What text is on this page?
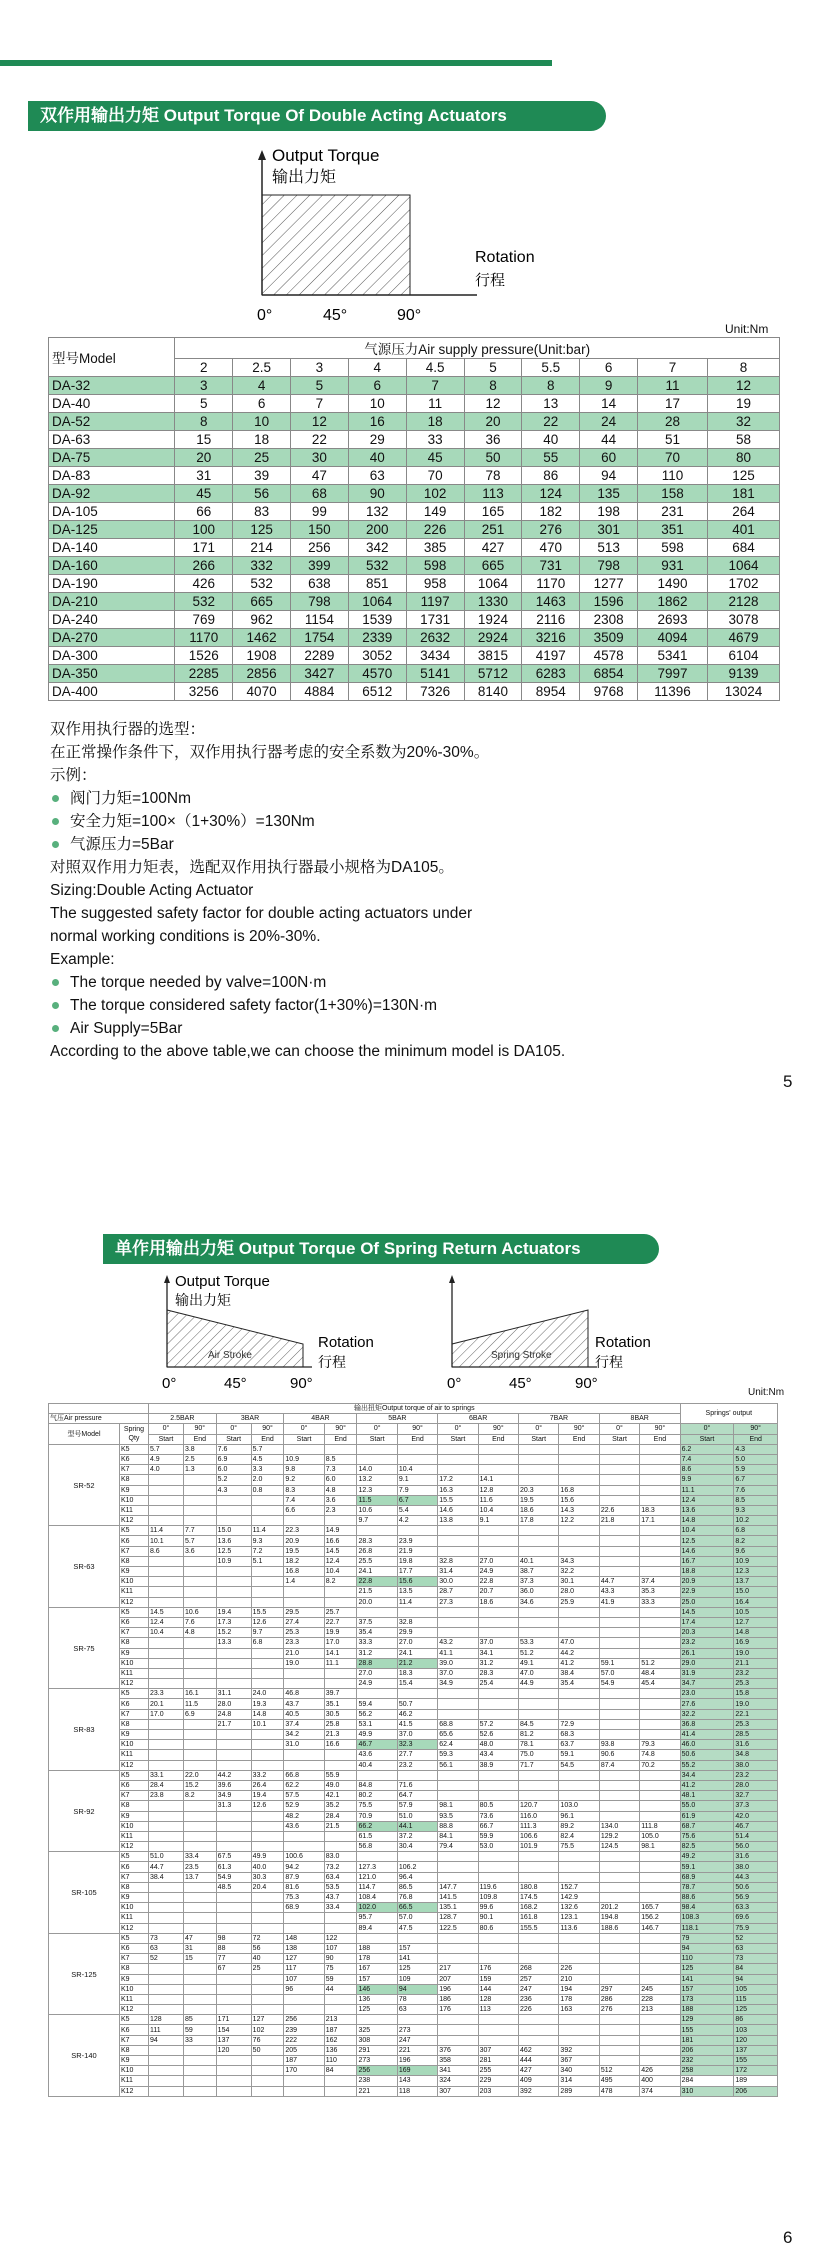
双作用输出力矩 Output Torque Of Double Acting Actuators
Output Torque
输出力矩
Rotation
行程
0°	45°	90°
Unit:Nm
型号Model	气源压力Air supply pressure(Unit:bar)									
	2	2.5	3	4	4.5	5	5.5	6	7	8
DA-32	3	4	5	6	7	8	8	9	11	12
DA-40	5	6	7	10	11	12	13	14	17	19
DA-52	8	10	12	16	18	20	22	24	28	32
DA-63	15	18	22	29	33	36	40	44	51	58
DA-75	20	25	30	40	45	50	55	60	70	80
DA-83	31	39	47	63	70	78	86	94	110	125
DA-92	45	56	68	90	102	113	124	135	158	181
DA-105	66	83	99	132	149	165	182	198	231	264
DA-125	100	125	150	200	226	251	276	301	351	401
DA-140	171	214	256	342	385	427	470	513	598	684
DA-160	266	332	399	532	598	665	731	798	931	1064
DA-190	426	532	638	851	958	1064	1170	1277	1490	1702
DA-210	532	665	798	1064	1197	1330	1463	1596	1862	2128
DA-240	769	962	1154	1539	1731	1924	2116	2308	2693	3078
DA-270	1170	1462	1754	2339	2632	2924	3216	3509	4094	4679
DA-300	1526	1908	2289	3052	3434	3815	4197	4578	5341	6104
DA-350	2285	2856	3427	4570	5141	5712	6283	6854	7997	9139
DA-400	3256	4070	4884	6512	7326	8140	8954	9768	11396	13024
双作用执行器的选型：
在正常操作条件下，双作用执行器考虑的安全系数为20%-30%。
示例：
阀门力矩=100Nm
安全力矩=100×（1+30%）=130Nm
气源压力=5Bar
对照双作用力矩表，选配双作用执行器最小规格为DA105。
Sizing:Double Acting Actuator
The suggested safety factor for double acting actuators under
normal working conditions is 20%-30%.
Example:
The torque needed by valve=100N·m
The torque considered safety factor(1+30%)=130N·m
Air Supply=5Bar
According to the above table,we can choose the minimum model is DA105.
5
单作用输出力矩 Output Torque Of Spring Return Actuators
Output Torque
输出力矩
Air Stroke
Rotation
行程
0°	45°	90°
Spring Stroke
Rotation
行程
0°	45°	90°
Unit:Nm
		输出扭矩Output torque of air to springs														Springs' output	
气压Air pressure		2.5BAR		3BAR		4BAR		5BAR		6BAR		7BAR		8BAR			
型号Model	Spring Qty	0°	90°	0°	90°	0°	90°	0°	90°	0°	90°	0°	90°	0°	90°	0°	90°
		Start	End	Start	End	Start	End	Start	End	Start	End	Start	End	Start	End	Start	End
SR-52	K5	5.7	3.8	7.6	5.7											6.2	4.3
	K6	4.9	2.5	6.9	4.5	10.9	8.5									7.4	5.0
	K7	4.0	1.3	6.0	3.3	9.8	7.3	14.0	10.4							8.6	5.9
	K8			5.2	2.0	9.2	6.0	13.2	9.1	17.2	14.1					9.9	6.7
	K9			4.3	0.8	8.3	4.8	12.3	7.9	16.3	12.8	20.3	16.8			11.1	7.6
	K10					7.4	3.6	11.5	6.7	15.5	11.6	19.5	15.6			12.4	8.5
	K11					6.6	2.3	10.6	5.4	14.6	10.4	18.6	14.3	22.6	18.3	13.6	9.3
	K12							9.7	4.2	13.8	9.1	17.8	12.2	21.8	17.1	14.8	10.2
SR-63	K5	11.4	7.7	15.0	11.4	22.3	14.9									10.4	6.8
	K6	10.1	5.7	13.6	9.3	20.9	16.6	28.3	23.9							12.5	8.2
	K7	8.6	3.6	12.5	7.2	19.5	14.5	26.8	21.9							14.6	9.6
	K8			10.9	5.1	18.2	12.4	25.5	19.8	32.8	27.0	40.1	34.3			16.7	10.9
	K9					16.8	10.4	24.1	17.7	31.4	24.9	38.7	32.2			18.8	12.3
	K10					1.4	8.2	22.8	15.6	30.0	22.8	37.3	30.1	44.7	37.4	20.9	13.7
	K11							21.5	13.5	28.7	20.7	36.0	28.0	43.3	35.3	22.9	15.0
	K12							20.0	11.4	27.3	18.6	34.6	25.9	41.9	33.3	25.0	16.4
SR-75	K5	14.5	10.6	19.4	15.5	29.5	25.7									14.5	10.5
	K6	12.4	7.6	17.3	12.6	27.4	22.7	37.5	32.8							17.4	12.7
	K7	10.4	4.8	15.2	9.7	25.3	19.9	35.4	29.9							20.3	14.8
	K8			13.3	6.8	23.3	17.0	33.3	27.0	43.2	37.0	53.3	47.0			23.2	16.9
	K9					21.0	14.1	31.2	24.1	41.1	34.1	51.2	44.2			26.1	19.0
	K10					19.0	11.1	28.8	21.2	39.0	31.2	49.1	41.2	59.1	51.2	29.0	21.1
	K11							27.0	18.3	37.0	28.3	47.0	38.4	57.0	48.4	31.9	23.2
	K12							24.9	15.4	34.9	25.4	44.9	35.4	54.9	45.4	34.7	25.3
SR-83	K5	23.3	16.1	31.1	24.0	46.8	39.7									23.0	15.8
	K6	20.1	11.5	28.0	19.3	43.7	35.1	59.4	50.7							27.6	19.0
	K7	17.0	6.9	24.8	14.8	40.5	30.5	56.2	46.2							32.2	22.1
	K8			21.7	10.1	37.4	25.8	53.1	41.5	68.8	57.2	84.5	72.9			36.8	25.3
	K9					34.2	21.3	49.9	37.0	65.6	52.6	81.2	68.3			41.4	28.5
	K10					31.0	16.6	46.7	32.3	62.4	48.0	78.1	63.7	93.8	79.3	46.0	31.6
	K11							43.6	27.7	59.3	43.4	75.0	59.1	90.6	74.8	50.6	34.8
	K12							40.4	23.2	56.1	38.9	71.7	54.5	87.4	70.2	55.2	38.0
SR-92	K5	33.1	22.0	44.2	33.2	66.8	55.9									34.4	23.2
	K6	28.4	15.2	39.6	26.4	62.2	49.0	84.8	71.6							41.2	28.0
	K7	23.8	8.2	34.9	19.4	57.5	42.1	80.2	64.7							48.1	32.7
	K8			31.3	12.6	52.9	35.2	75.5	57.9	98.1	80.5	120.7	103.0			55.0	37.3
	K9					48.2	28.4	70.9	51.0	93.5	73.6	116.0	96.1			61.9	42.0
	K10					43.6	21.5	66.2	44.1	88.8	66.7	111.3	89.2	134.0	111.8	68.7	46.7
	K11							61.5	37.2	84.1	59.9	106.6	82.4	129.2	105.0	75.6	51.4
	K12							56.8	30.4	79.4	53.0	101.9	75.5	124.5	98.1	82.5	56.0
SR-105	K5	51.0	33.4	67.5	49.9	100.6	83.0									49.2	31.6
	K6	44.7	23.5	61.3	40.0	94.2	73.2	127.3	106.2							59.1	38.0
	K7	38.4	13.7	54.9	30.3	87.9	63.4	121.0	96.4							68.9	44.3
	K8			48.5	20.4	81.6	53.5	114.7	86.5	147.7	119.6	180.8	152.7			78.7	50.6
	K9					75.3	43.7	108.4	76.8	141.5	109.8	174.5	142.9			88.6	56.9
	K10					68.9	33.4	102.0	66.5	135.1	99.6	168.2	132.6	201.2	165.7	98.4	63.3
	K11							95.7	57.0	128.7	90.1	161.8	123.1	194.8	156.2	108.3	69.6
	K12							89.4	47.5	122.5	80.6	155.5	113.6	188.6	146.7	118.1	75.9
SR-125	K5	73	47	98	72	148	122									79	52
	K6	63	31	88	56	138	107	188	157							94	63
	K7	52	15	77	40	127	90	178	141							110	73
	K8			67	25	117	75	167	125	217	176	268	226			125	84
	K9					107	59	157	109	207	159	257	210			141	94
	K10					96	44	146	94	196	144	247	194	297	245	157	105
	K11							136	78	186	128	236	178	286	228	173	115
	K12							125	63	176	113	226	163	276	213	188	125
SR-140	K5	128	85	171	127	256	213									129	86
	K6	111	59	154	102	239	187	325	273							155	103
	K7	94	33	137	76	222	162	308	247							181	120
	K8			120	50	205	136	291	221	376	307	462	392			206	137
	K9					187	110	273	196	358	281	444	367			232	155
	K10					170	84	256	169	341	255	427	340	512	426	258	172
	K11							238	143	324	229	409	314	495	400	284	189
	K12							221	118	307	203	392	289	478	374	310	206
6
